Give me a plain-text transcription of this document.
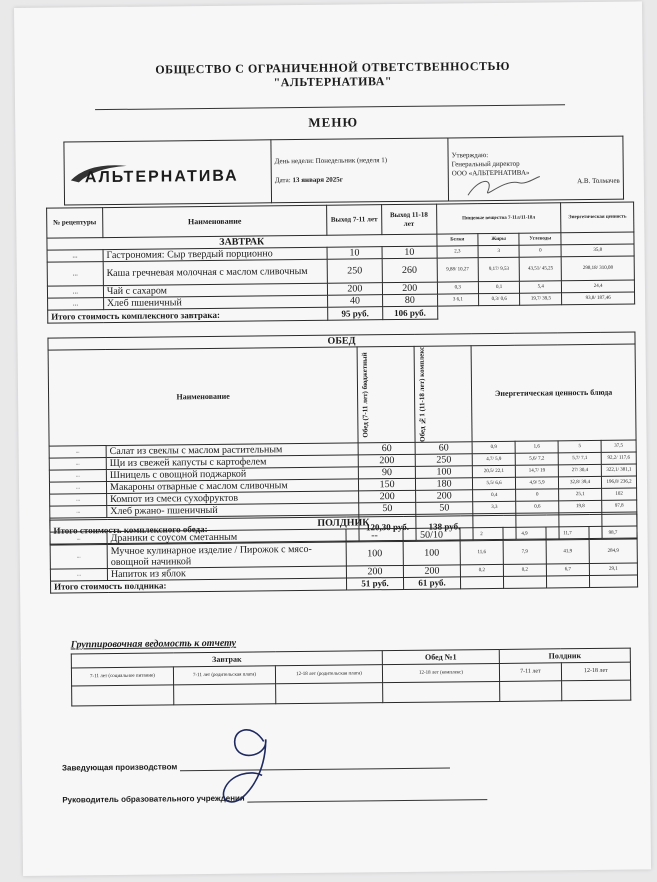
ОБЩЕСТВО С ОГРАНИЧЕННОЙ ОТВЕТСТВЕННОСТЬЮ
"АЛЬТЕРНАТИВА"
МЕНЮ
АЛЬТЕРНАТИВА

День недели: Понедельник (неделя 1)
Дата: 13 января 2025г

Утверждаю:
Генеральный директор
ООО «АЛЬТЕРНАТИВА»
А.В. Толмачев
№ рецептуры	Наименование	Выход 7-11 лет	Выход 11-18 лет	Пищевые вещества 7-11л/11-18л			Энергетическая ценность
ЗАВТРАК				Белки	Жиры	Углеводы	
...	Гастрономия: Сыр твердый порционно	10	10	2,3	3	0	35,8
...	Каша гречневая молочная с маслом сливочным	250	260	9,88/ 10,27	9,17/ 9,53	43,51/ 45,25	298,18/ 310,08
...	Чай с сахаром	200	200	0,3	0,1	5,4	24,4
...	Хлеб пшеничный	40	80	3 6,1	0,3/ 0,6	19,7/ 39,5	93,8/ 187,46
Итого стоимость комплексного завтрака:		95 руб.	106 руб.				
ОБЕД							
Наименование		Обед (7-11 лет) бюджетный	Обед №1 (11-18 лет) комплекс	Энергетическая ценность блюда			
...	Салат из свеклы с маслом растительным	60	60	0,9	1,6	5	37,5
...	Щи из свежей капусты с картофелем	200	250	4,7/ 5,9	5,6/ 7,2	5,7/ 7,1	92,2/ 117,6
...	Шницель с овощной поджаркой	90	100	20,5/ 22,1	14,7/ 19	27/ 30,4	322,1/ 381,1
...	Макароны отварные с маслом сливочным	150	180	5,5/ 6,6	4,9/ 5,9	32,8/ 39,4	196,8/ 236,2
...	Компот из смеси сухофруктов	200	200	0,4	0	25,1	102
...	Хлеб ржано- пшеничный	50	50	3,3	0,6	19,8	97,8
Итого стоимость комплексного обеда:		120,30 руб.	138 руб.				
ПОЛДНИК							
...	Драники с соусом сметанным	--	50/10	2	4,9	11,7	98,7
...	Мучное кулинарное изделие / Пирожок с мясо-овощной начинкой	100	100	11,6	7,9	41,9	284,9
...	Напиток из яблок	200	200	0,2	0,2	6,7	29,1
Итого стоимость полдника:		51 руб.	61 руб.				
Группировочная ведомость к отчету
Завтрак			Обед №1	Полдник	
7-11 лет (социальное питание)	7-11 лет (родительская плата)	12-18 лет (родительская плата)	12-18 лет (комплекс)	7-11 лет	12-18 лет

Заведующая производством
Руководитель образовательного учреждения
